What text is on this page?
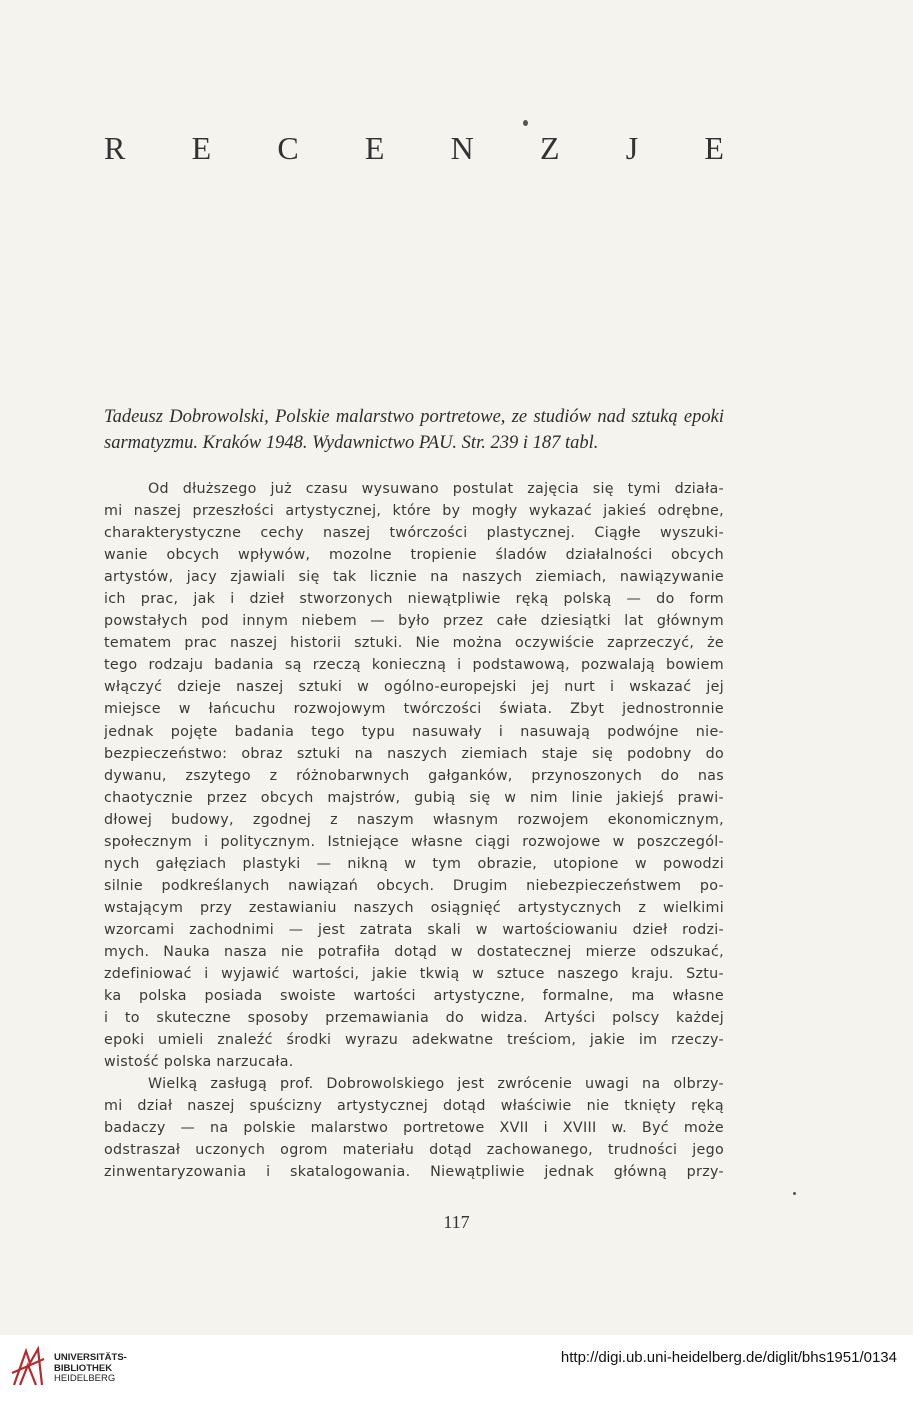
R E C E N Z J E

Tadeusz Dobrowolski, Polskie malarstwo portretowe, ze studiów nad sztuką epoki sarmatyzmu. Kraków 1948. Wydawnictwo PAU. Str. 239 i 187 tabl.

Od dłuższego już czasu wysuwano postulat zajęcia się tymi działa-
mi naszej przeszłości artystycznej, które by mogły wykazać jakieś odrębne,
charakterystyczne cechy naszej twórczości plastycznej. Ciągłe wyszuki-
wanie obcych wpływów, mozolne tropienie śladów działalności obcych
artystów, jacy zjawiali się tak licznie na naszych ziemiach, nawiązywanie
ich prac, jak i dzieł stworzonych niewątpliwie ręką polską — do form
powstałych pod innym niebem — było przez całe dziesiątki lat głównym
tematem prac naszej historii sztuki. Nie można oczywiście zaprzeczyć, że
tego rodzaju badania są rzeczą konieczną i podstawową, pozwalają bowiem
włączyć dzieje naszej sztuki w ogólno-europejski jej nurt i wskazać jej
miejsce w łańcuchu rozwojowym twórczości świata. Zbyt jednostronnie
jednak pojęte badania tego typu nasuwały i nasuwają podwójne nie-
bezpieczeństwo: obraz sztuki na naszych ziemiach staje się podobny do
dywanu, zszytego z różnobarwnych gałganków, przynoszonych do nas
chaotycznie przez obcych majstrów, gubią się w nim linie jakiejś prawi-
dłowej budowy, zgodnej z naszym własnym rozwojem ekonomicznym,
społecznym i politycznym. Istniejące własne ciągi rozwojowe w poszczegól-
nych gałęziach plastyki — nikną w tym obrazie, utopione w powodzi
silnie podkreślanych nawiązań obcych. Drugim niebezpieczeństwem po-
wstającym przy zestawianiu naszych osiągnięć artystycznych z wielkimi
wzorcami zachodnimi — jest zatrata skali w wartościowaniu dzieł rodzi-
mych. Nauka nasza nie potrafiła dotąd w dostatecznej mierze odszukać,
zdefiniować i wyjawić wartości, jakie tkwią w sztuce naszego kraju. Sztu-
ka polska posiada swoiste wartości artystyczne, formalne, ma własne
i to skuteczne sposoby przemawiania do widza. Artyści polscy każdej
epoki umieli znaleźć środki wyrazu adekwatne treściom, jakie im rzeczy-
wistość polska narzucała.
Wielką zasługą prof. Dobrowolskiego jest zwrócenie uwagi na olbrzy-
mi dział naszej spuścizny artystycznej dotąd właściwie nie tknięty ręką
badaczy — na polskie malarstwo portretowe XVII i XVIII w. Być może
odstraszał uczonych ogrom materiału dotąd zachowanego, trudności jego
zinwentaryzowania i skatalogowania. Niewątpliwie jednak główną przy-
117
UNIVERSITÄTS-
BIBLIOTHEK
HEIDELBERG
http://digi.ub.uni-heidelberg.de/diglit/bhs1951/0134
